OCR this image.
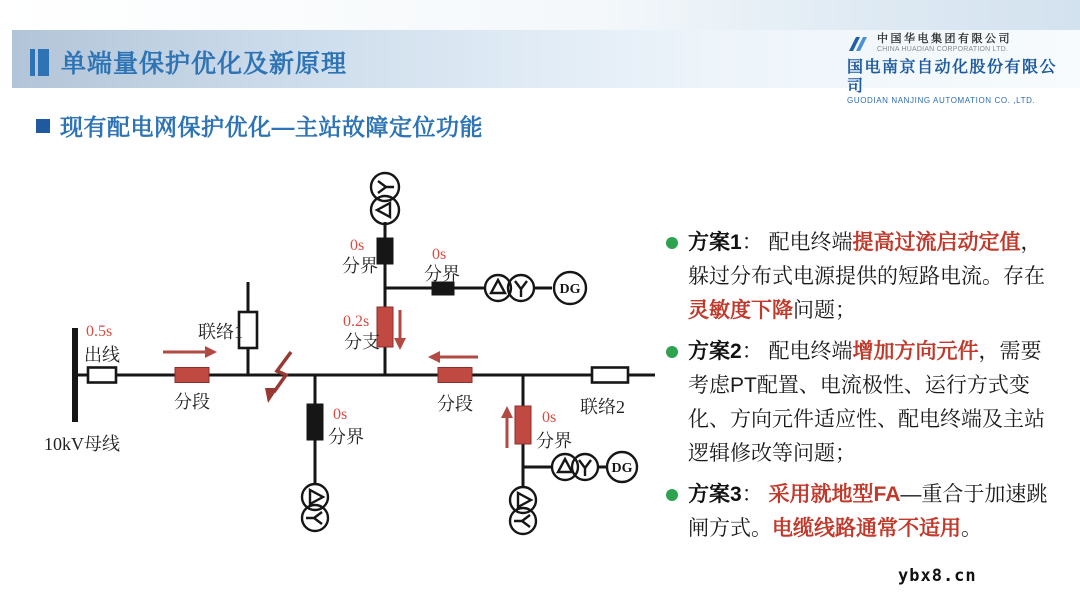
单端量保护优化及新原理
中国华电集团有限公司
CHINA HUADIAN CORPORATION LTD.
国电南京自动化股份有限公司
GUODIAN NANJING AUTOMATION CO. ,LTD.
现有配电网保护优化—主站故障定位功能
DG
DG
0.5s
出线
10kV母线
联络1
分段
0s
分界
0s
分界
0.2s
分支
0s
分界
分段
0s
分界
联络2
方案1： 配电终端提高过流启动定值，
躲过分布式电源提供的短路电流。存在
灵敏度下降问题；
方案2： 配电终端增加方向元件，需要
考虑PT配置、电流极性、运行方式变
化、方向元件适应性、配电终端及主站
逻辑修改等问题；
方案3： 采用就地型FA—重合于加速跳
闸方式。电缆线路通常不适用。
ybx8.cn
